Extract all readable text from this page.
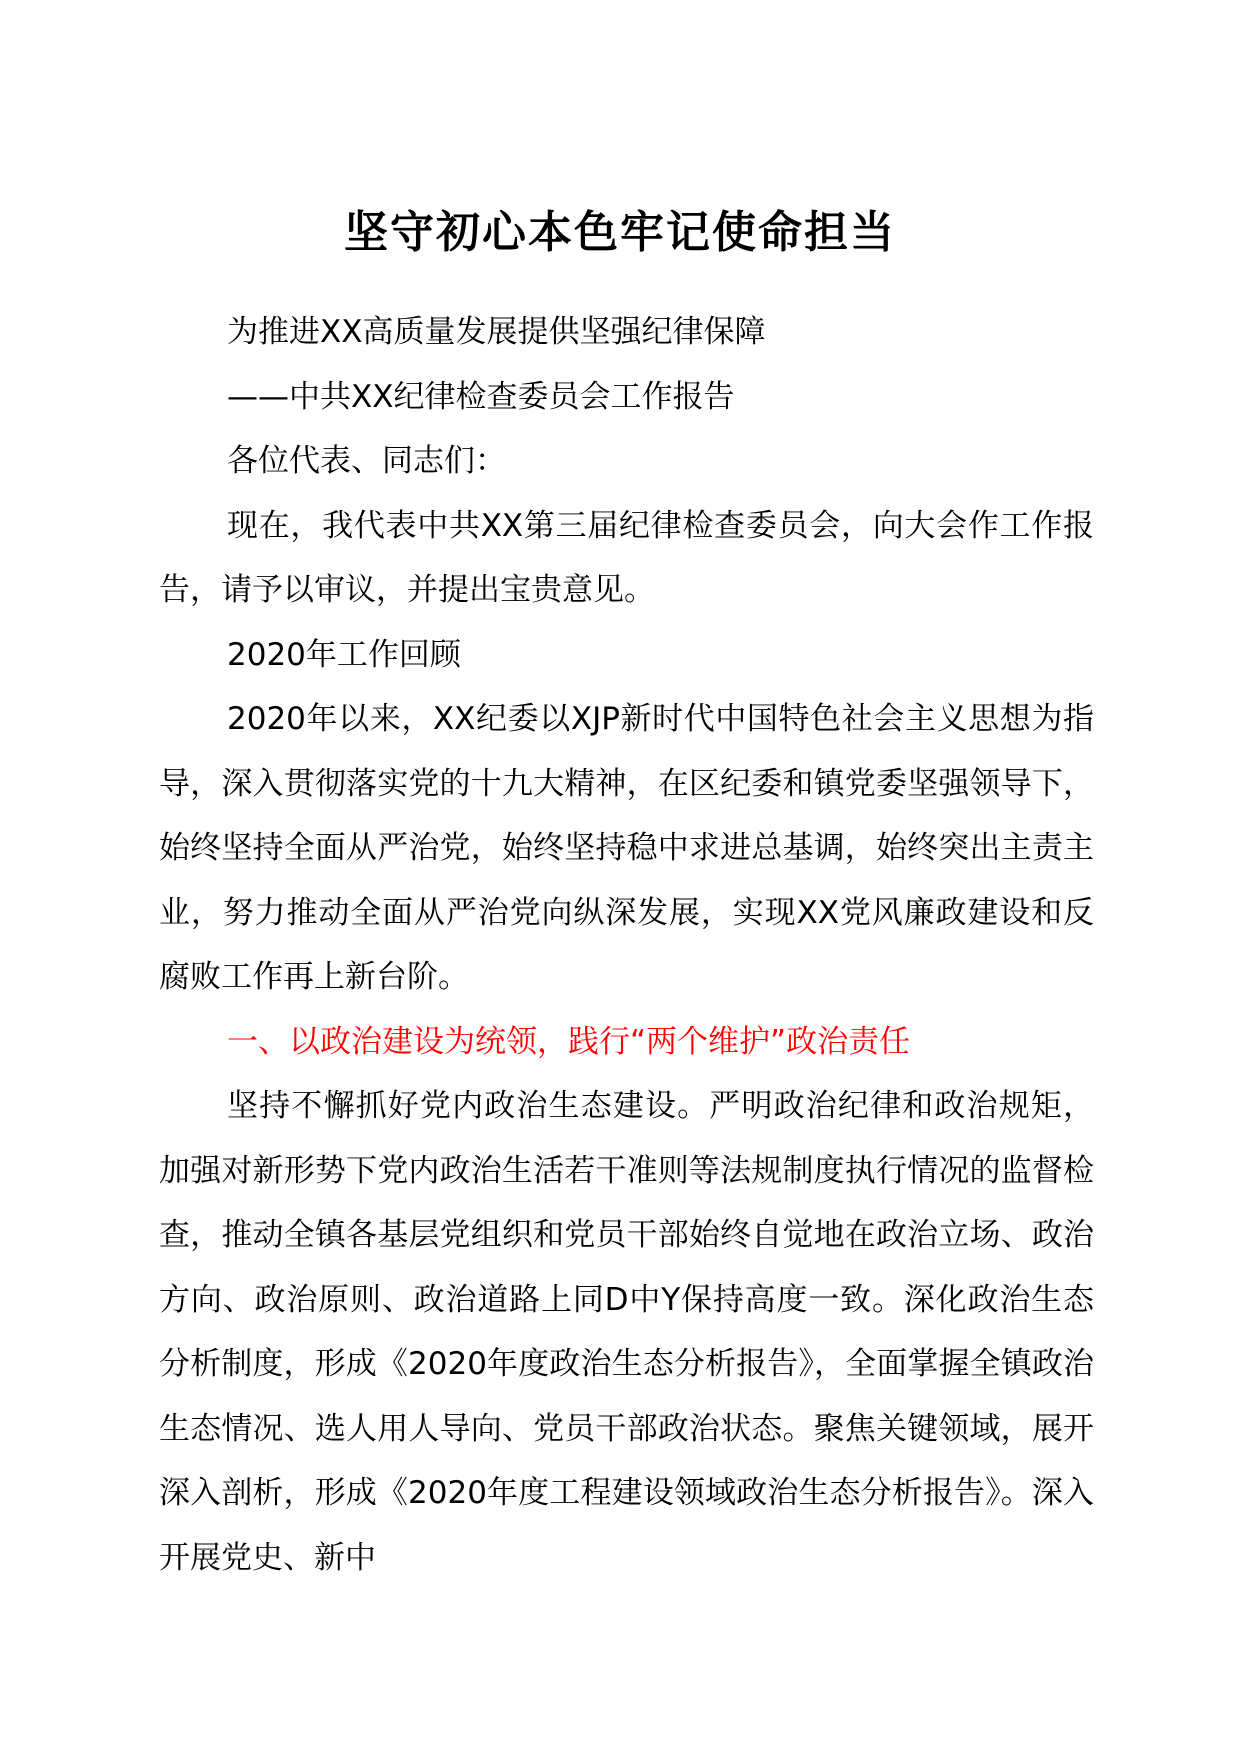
坚守初心本色牢记使命担当

为推进XX高质量发展提供坚强纪律保障

——中共XX纪律检查委员会工作报告

各位代表、同志们：

现在，我代表中共XX第三届纪律检查委员会，向大会作工作报告，请予以审议，并提出宝贵意见。

2020年工作回顾

2020年以来，XX纪委以XJP新时代中国特色社会主义思想为指导，深入贯彻落实党的十九大精神，在区纪委和镇党委坚强领导下，始终坚持全面从严治党，始终坚持稳中求进总基调，始终突出主责主业，努力推动全面从严治党向纵深发展，实现XX党风廉政建设和反腐败工作再上新台阶。

一、以政治建设为统领，践行“两个维护”政治责任

坚持不懈抓好党内政治生态建设。严明政治纪律和政治规矩，加强对新形势下党内政治生活若干准则等法规制度执行情况的监督检查，推动全镇各基层党组织和党员干部始终自觉地在政治立场、政治方向、政治原则、政治道路上同D中Y保持高度一致。深化政治生态分析制度，形成《2020年度政治生态分析报告》，全面掌握全镇政治生态情况、选人用人导向、党员干部政治状态。聚焦关键领域，展开深入剖析，形成《2020年度工程建设领域政治生态分析报告》。深入开展党史、新中
